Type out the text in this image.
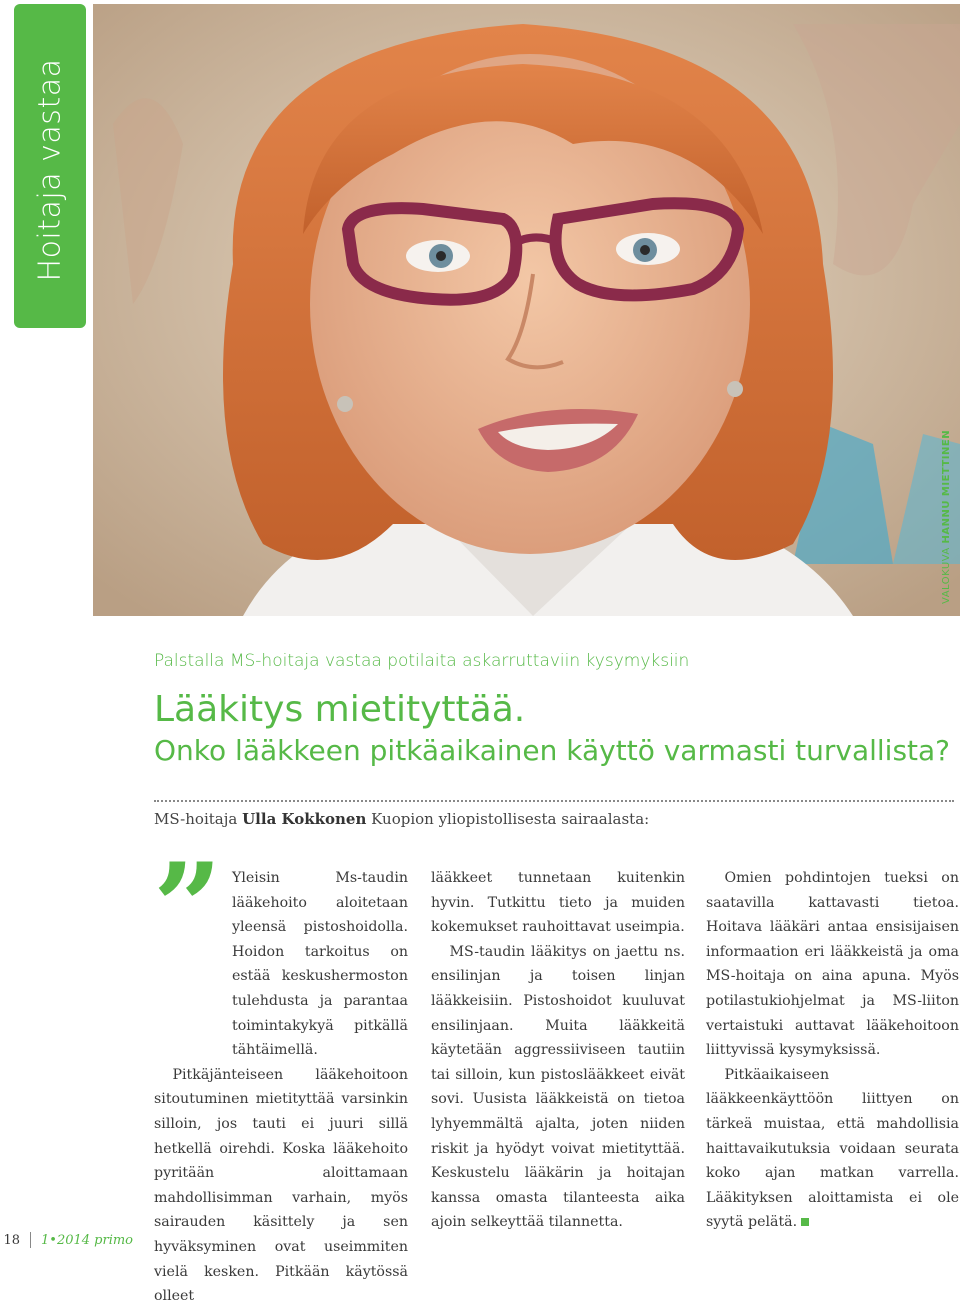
Hoitaja vastaa
VALOKUVA HANNU MIETTINEN
Palstalla MS-hoitaja vastaa potilaita askarruttaviin kysymyksiin
Lääkitys mietityttää.
Onko lääkkeen pitkäaikainen käyttö varmasti turvallista?
MS-hoitaja Ulla Kokkonen Kuopion yliopistollisesta sairaalasta:
” Yleisin Ms-taudin lääkehoito aloitetaan yleensä pistoshoidolla. Hoidon tarkoitus on estää keskushermoston tulehdusta ja parantaa toimintakykyä pitkällä tähtäimellä.

Pitkäjänteiseen lääkehoitoon sitoutuminen mietityttää varsinkin silloin, jos tauti ei juuri sillä hetkellä oirehdi. Koska lääkehoito pyritään aloittamaan mahdollisimman varhain, myös sairauden käsittely ja sen hyväksyminen ovat useimmiten vielä kesken. Pitkään käytössä olleet

lääkkeet tunnetaan kuitenkin hyvin. Tutkittu tieto ja muiden kokemukset rauhoittavat useimpia.

MS-taudin lääkitys on jaettu ns. ensilinjan ja toisen linjan lääkkeisiin. Pistoshoidot kuuluvat ensilinjaan. Muita lääkkeitä käytetään aggressiiviseen tautiin tai silloin, kun pistoslääkkeet eivät sovi. Uusista lääkkeistä on tietoa lyhyemmältä ajalta, joten niiden riskit ja hyödyt voivat mietityttää. Keskustelu lääkärin ja hoitajan kanssa omasta tilanteesta aika ajoin selkeyttää tilannetta.

Omien pohdintojen tueksi on saatavilla kattavasti tietoa. Hoitava lääkäri antaa ensisijaisen informaation eri lääkkeistä ja oma MS-hoitaja on aina apuna. Myös potilastukiohjelmat ja MS-liiton vertaistuki auttavat lääkehoitoon liittyvissä kysymyksissä.

Pitkäaikaiseen lääkkeenkäyttöön liittyen on tärkeä muistaa, että mahdollisia haittavaikutuksia voidaan seurata koko ajan matkan varrella. Lääkityksen aloittamista ei ole syytä pelätä.

18 1•2014 primo
